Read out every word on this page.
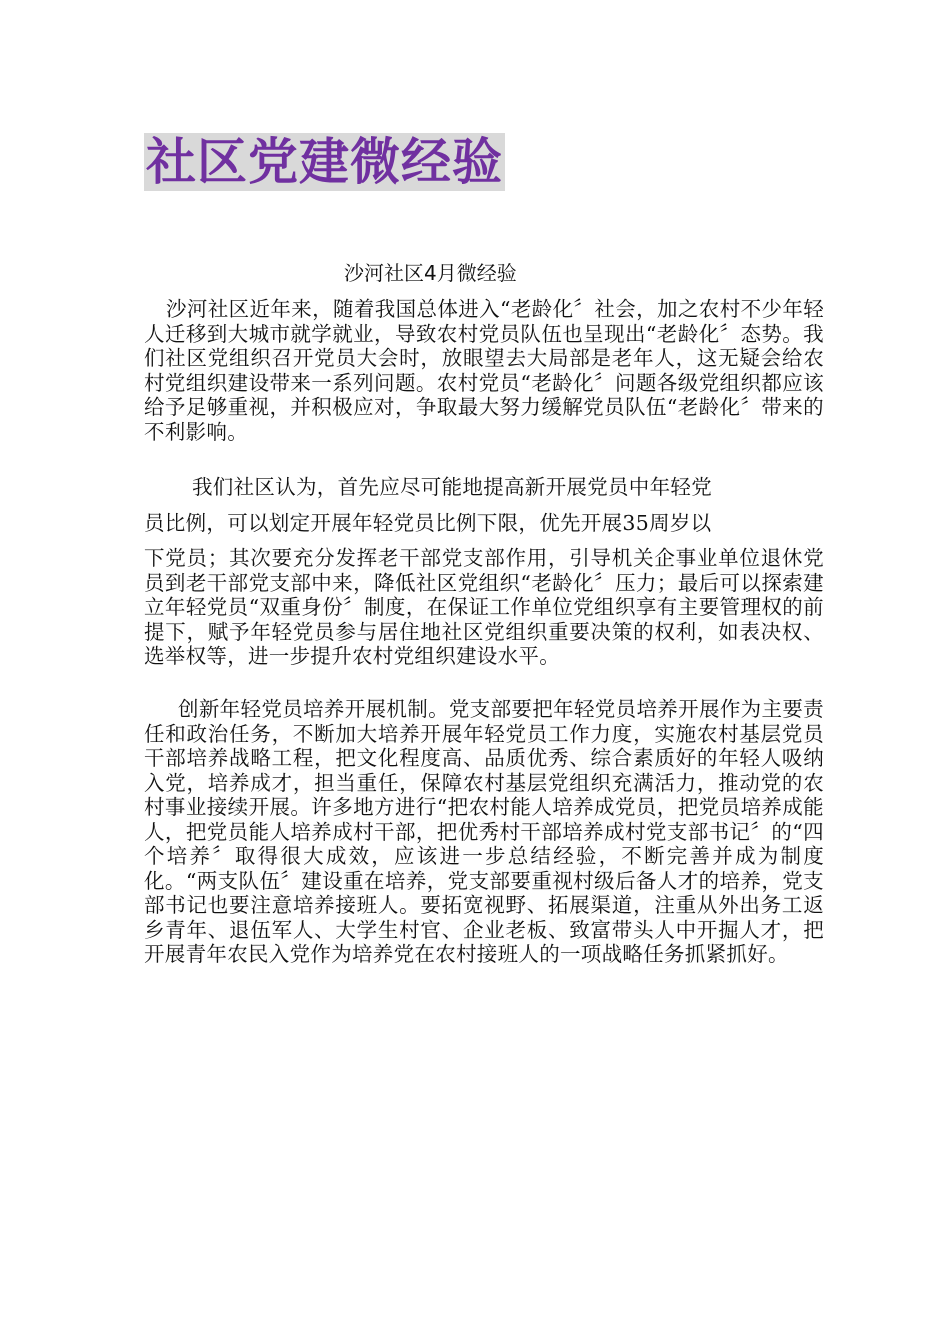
社区党建微经验
沙河社区4月微经验

沙河社区近年来，随着我国总体进入“老龄化〞社会，加之农村不少年轻人迁移到大城市就学就业，导致农村党员队伍也呈现出“老龄化〞态势。我们社区党组织召开党员大会时，放眼望去大局部是老年人，这无疑会给农村党组织建设带来一系列问题。农村党员“老龄化〞问题各级党组织都应该给予足够重视，并积极应对，争取最大努力缓解党员队伍“老龄化〞带来的不利影响。

我们社区认为，首先应尽可能地提高新开展党员中年轻党
员比例，可以划定开展年轻党员比例下限，优先开展35周岁以

下党员；其次要充分发挥老干部党支部作用，引导机关企事业单位退休党员到老干部党支部中来，降低社区党组织“老龄化〞压力；最后可以探索建立年轻党员“双重身份〞制度，在保证工作单位党组织享有主要管理权的前提下，赋予年轻党员参与居住地社区党组织重要决策的权利，如表决权、选举权等，进一步提升农村党组织建设水平。

创新年轻党员培养开展机制。党支部要把年轻党员培养开展作为主要责任和政治任务，不断加大培养开展年轻党员工作力度，实施农村基层党员干部培养战略工程，把文化程度高、品质优秀、综合素质好的年轻人吸纳入党，培养成才，担当重任，保障农村基层党组织充满活力，推动党的农村事业接续开展。许多地方进行“把农村能人培养成党员，把党员培养成能人，把党员能人培养成村干部，把优秀村干部培养成村党支部书记〞的“四个培养〞取得很大成效，应该进一步总结经验，不断完善并成为制度化。“两支队伍〞建设重在培养，党支部要重视村级后备人才的培养，党支部书记也要注意培养接班人。要拓宽视野、拓展渠道，注重从外出务工返乡青年、退伍军人、大学生村官、企业老板、致富带头人中开掘人才，把开展青年农民入党作为培养党在农村接班人的一项战略任务抓紧抓好。
